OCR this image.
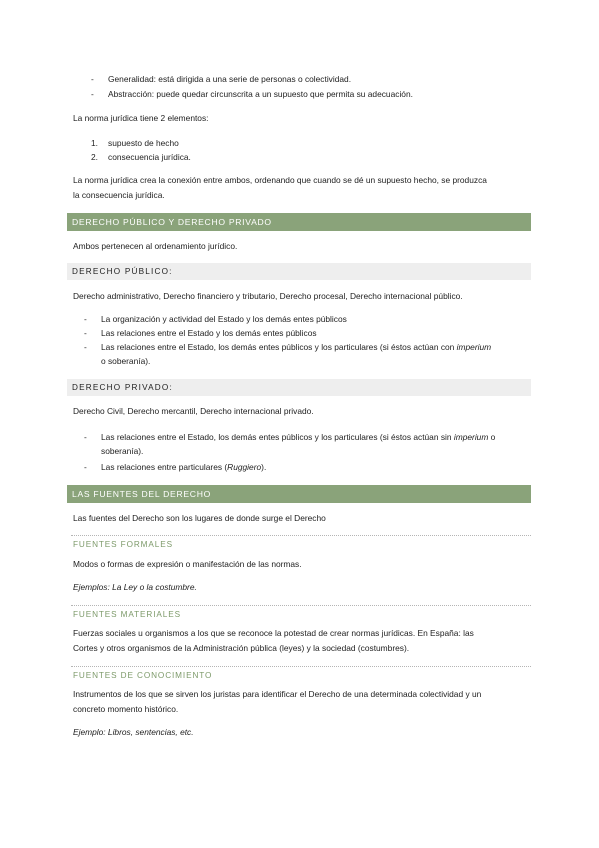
- Generalidad: está dirigida a una serie de personas o colectividad.
- Abstracción: puede quedar circunscrita a un supuesto que permita su adecuación.
La norma jurídica tiene 2 elementos:
1. supuesto de hecho
2. consecuencia jurídica.
La norma jurídica crea la conexión entre ambos, ordenando que cuando se dé un supuesto hecho, se produzca
la consecuencia jurídica.
DERECHO PÚBLICO Y DERECHO PRIVADO
Ambos pertenecen al ordenamiento jurídico.
DERECHO PÚBLICO:
Derecho administrativo, Derecho financiero y tributario, Derecho procesal, Derecho internacional público.
- La organización y actividad del Estado y los demás entes públicos
- Las relaciones entre el Estado y los demás entes públicos
- Las relaciones entre el Estado, los demás entes públicos y los particulares (si éstos actúan con imperium
o soberanía).
DERECHO PRIVADO:
Derecho Civil, Derecho mercantil, Derecho internacional privado.
- Las relaciones entre el Estado, los demás entes públicos y los particulares (si éstos actúan sin imperium o
soberanía).
- Las relaciones entre particulares (Ruggiero).
LAS FUENTES DEL DERECHO
Las fuentes del Derecho son los lugares de donde surge el Derecho
FUENTES FORMALES
Modos o formas de expresión o manifestación de las normas.
Ejemplos: La Ley o la costumbre.
FUENTES MATERIALES
Fuerzas sociales u organismos a los que se reconoce la potestad de crear normas jurídicas. En España: las
Cortes y otros organismos de la Administración pública (leyes) y la sociedad (costumbres).
FUENTES DE CONOCIMIENTO
Instrumentos de los que se sirven los juristas para identificar el Derecho de una determinada colectividad y un
concreto momento histórico.
Ejemplo: Libros, sentencias, etc.
